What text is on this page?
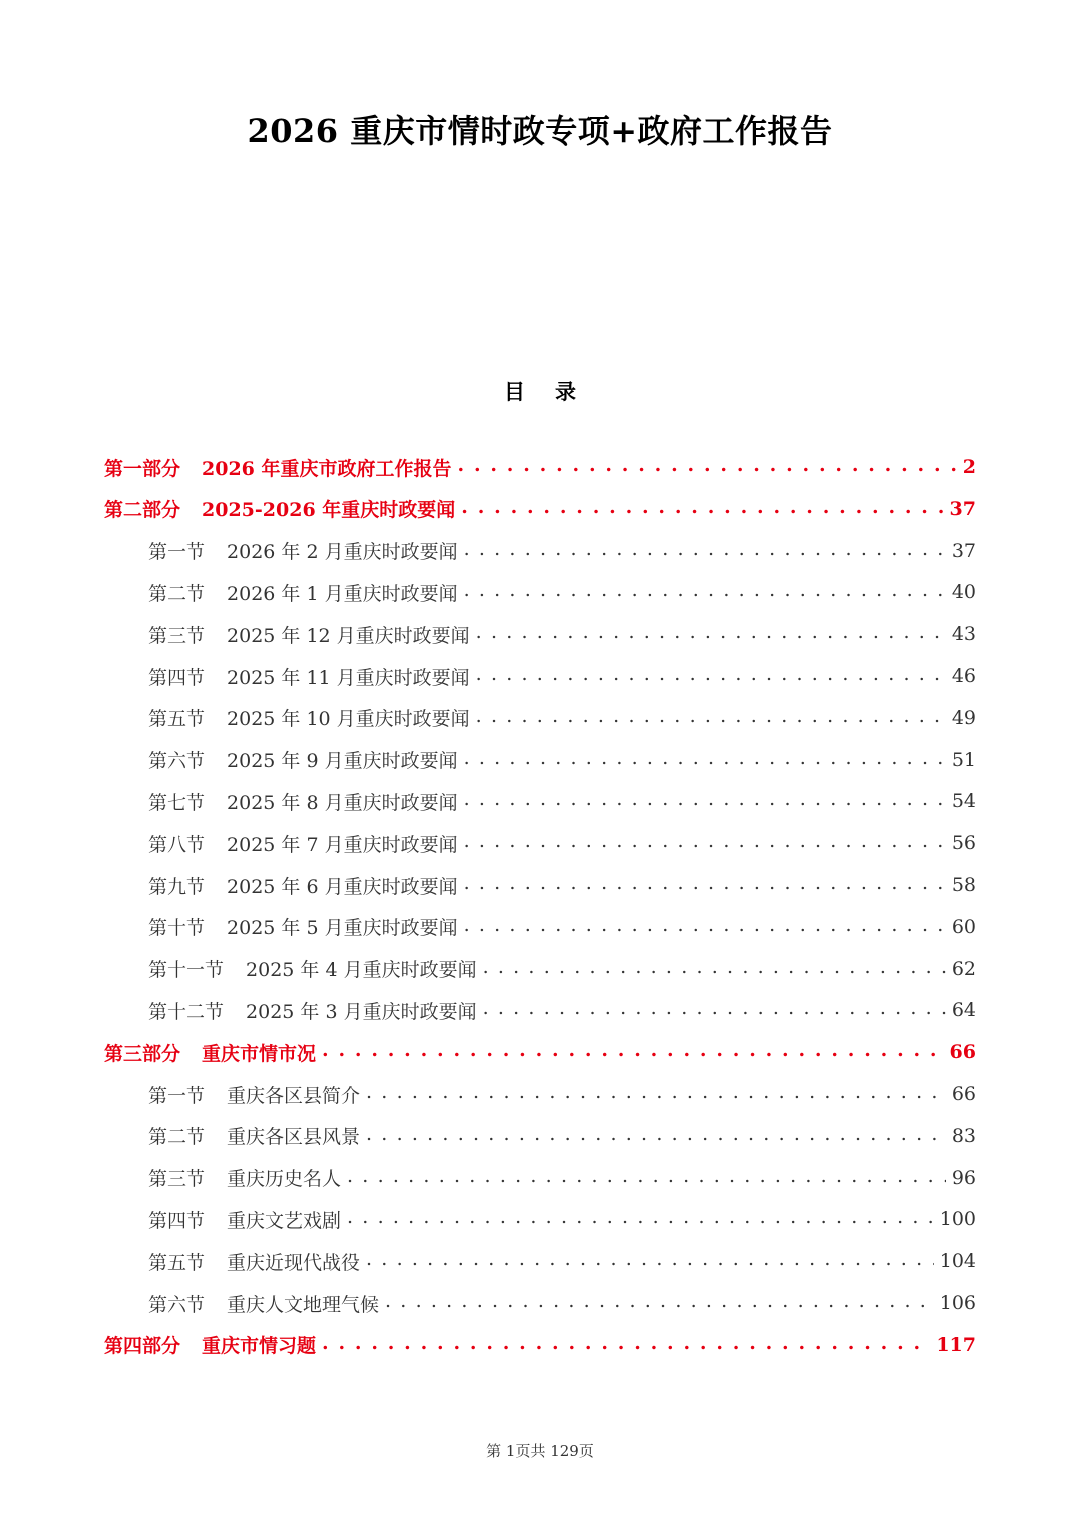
2026 重庆市情时政专项+政府工作报告
目 录
第一部分 2026 年重庆市政府工作报告 . . .	2
第二部分 2025-2026 年重庆时政要闻 . . .	37
第一节 2026 年 2 月重庆时政要闻 . . .	37
第二节 2026 年 1 月重庆时政要闻 . . .	40
第三节 2025 年 12 月重庆时政要闻 . . .	43
第四节 2025 年 11 月重庆时政要闻 . . .	46
第五节 2025 年 10 月重庆时政要闻 . . .	49
第六节 2025 年 9 月重庆时政要闻 . . .	51
第七节 2025 年 8 月重庆时政要闻 . . .	54
第八节 2025 年 7 月重庆时政要闻 . . .	56
第九节 2025 年 6 月重庆时政要闻 . . .	58
第十节 2025 年 5 月重庆时政要闻 . . .	60
第十一节 2025 年 4 月重庆时政要闻 . . .	62
第十二节 2025 年 3 月重庆时政要闻 . . .	64
第三部分 重庆市情市况 . . .	66
第一节 重庆各区县简介 . . .	66
第二节 重庆各区县风景 . . .	83
第三节 重庆历史名人 . . .	96
第四节 重庆文艺戏剧 . . .	100
第五节 重庆近现代战役 . . .	104
第六节 重庆人文地理气候 . . .	106
第四部分 重庆市情习题 . . .	117
第 1页共 129页
